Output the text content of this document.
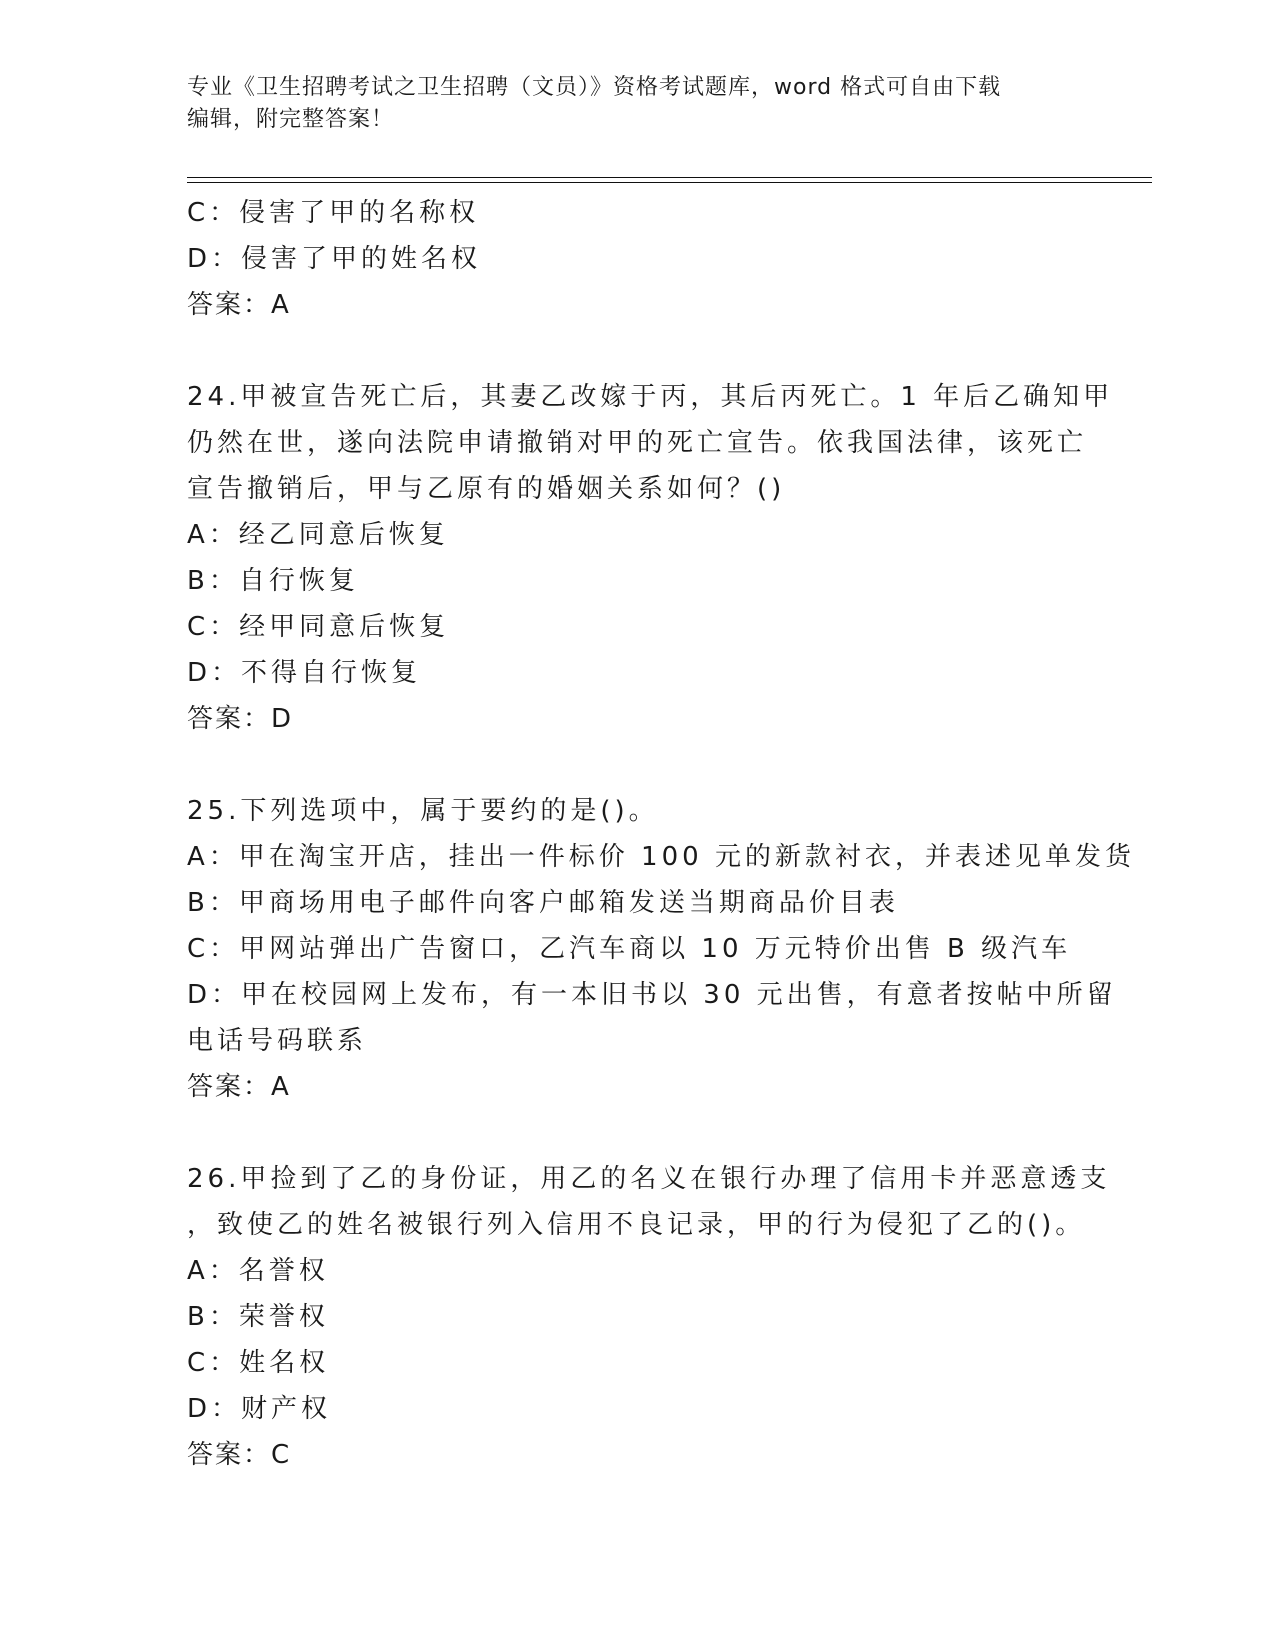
专业《卫生招聘考试之卫生招聘（文员）》资格考试题库，word 格式可自由下载
编辑，附完整答案！
C：侵害了甲的名称权
D：侵害了甲的姓名权
答案：A
24.甲被宣告死亡后，其妻乙改嫁于丙，其后丙死亡。1 年后乙确知甲
仍然在世，遂向法院申请撤销对甲的死亡宣告。依我国法律，该死亡
宣告撤销后，甲与乙原有的婚姻关系如何？()
A：经乙同意后恢复
B：自行恢复
C：经甲同意后恢复
D：不得自行恢复
答案：D
25.下列选项中，属于要约的是()。
A：甲在淘宝开店，挂出一件标价 100 元的新款衬衣，并表述见单发货
B：甲商场用电子邮件向客户邮箱发送当期商品价目表
C：甲网站弹出广告窗口，乙汽车商以 10 万元特价出售 B 级汽车
D：甲在校园网上发布，有一本旧书以 30 元出售，有意者按帖中所留
电话号码联系
答案：A
26.甲捡到了乙的身份证，用乙的名义在银行办理了信用卡并恶意透支
，致使乙的姓名被银行列入信用不良记录，甲的行为侵犯了乙的()。
A：名誉权
B：荣誉权
C：姓名权
D：财产权
答案：C
